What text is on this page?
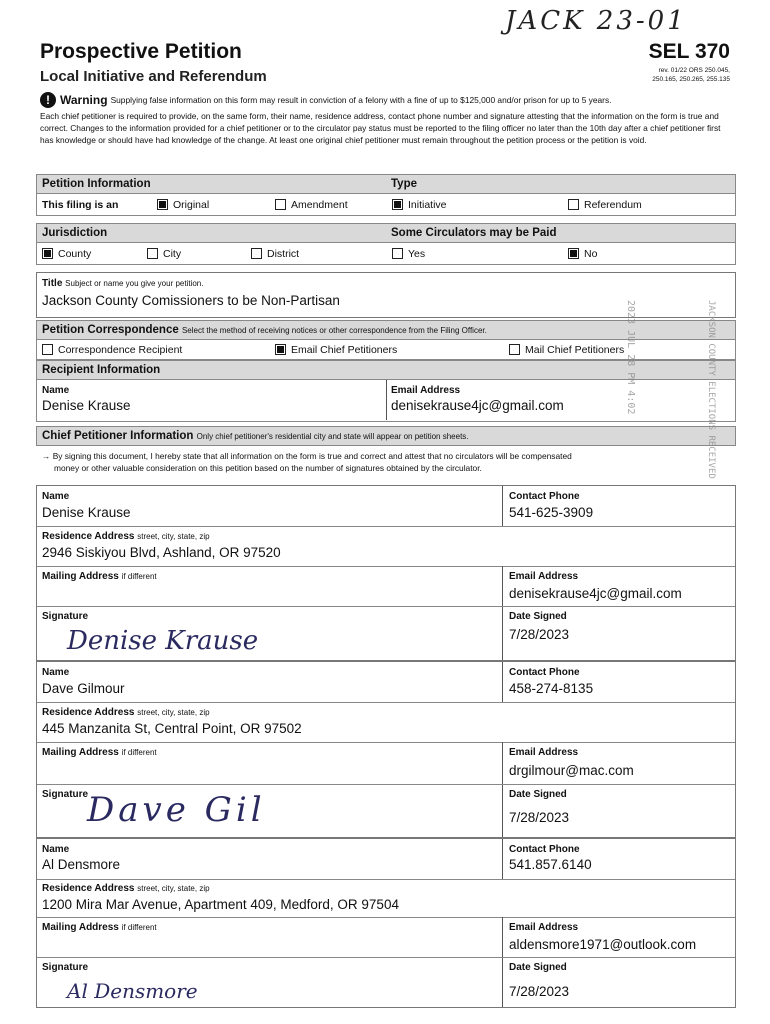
JACK 23-01
Prospective Petition
Local Initiative and Referendum
SEL 370
rev. 01/22 ORS 250.045,
250.165, 250.265, 255.135
! Warning Supplying false information on this form may result in conviction of a felony with a fine of up to $125,000 and/or prison for up to 5 years.
Each chief petitioner is required to provide, on the same form, their name, residence address, contact phone number and signature attesting that the information on the form is true and correct. Changes to the information provided for a chief petitioner or to the circulator pay status must be reported to the filing officer no later than the 10th day after a chief petitioner first has knowledge or should have had knowledge of the change. At least one original chief petitioner must remain throughout the petition process or the petition is void.
Petition Information	Type
This filing is an	Original	Amendment	Initiative	Referendum
Jurisdiction	Some Circulators may be Paid
County	City	District	Yes	No
Title Subject or name you give your petition.
Jackson County Comissioners to be Non-Partisan
Petition Correspondence Select the method of receiving notices or other correspondence from the Filing Officer.
Correspondence Recipient	Email Chief Petitioners	Mail Chief Petitioners
Recipient Information
Name
Denise Krause
Email Address
denisekrause4jc@gmail.com
Chief Petitioner Information Only chief petitioner's residential city and state will appear on petition sheets.
→ By signing this document, I hereby state that all information on the form is true and correct and attest that no circulators will be compensated
money or other valuable consideration on this petition based on the number of signatures obtained by the circulator.
Name
Denise Krause
Contact Phone
541-625-3909
Residence Address street, city, state, zip
2946 Siskiyou Blvd, Ashland, OR 97520
Mailing Address if different	Email Address
denisekrause4jc@gmail.com
Signature
Denise Krause
Date Signed
7/28/2023
Name
Dave Gilmour
Contact Phone
458-274-8135
Residence Address street, city, state, zip
445 Manzanita St, Central Point, OR 97502
Mailing Address if different	Email Address
drgilmour@mac.com
Signature
Dave Gil	Date Signed
7/28/2023
Name
Al Densmore
Contact Phone
541.857.6140
Residence Address street, city, state, zip
1200 Mira Mar Avenue, Apartment 409, Medford, OR 97504
Mailing Address if different	Email Address
aldensmore1971@outlook.com
Signature
Al Densmore
Date Signed
7/28/2023
2023 JUL 28 PM 4:02	JACKSON COUNTY ELECTIONS RECEIVED
